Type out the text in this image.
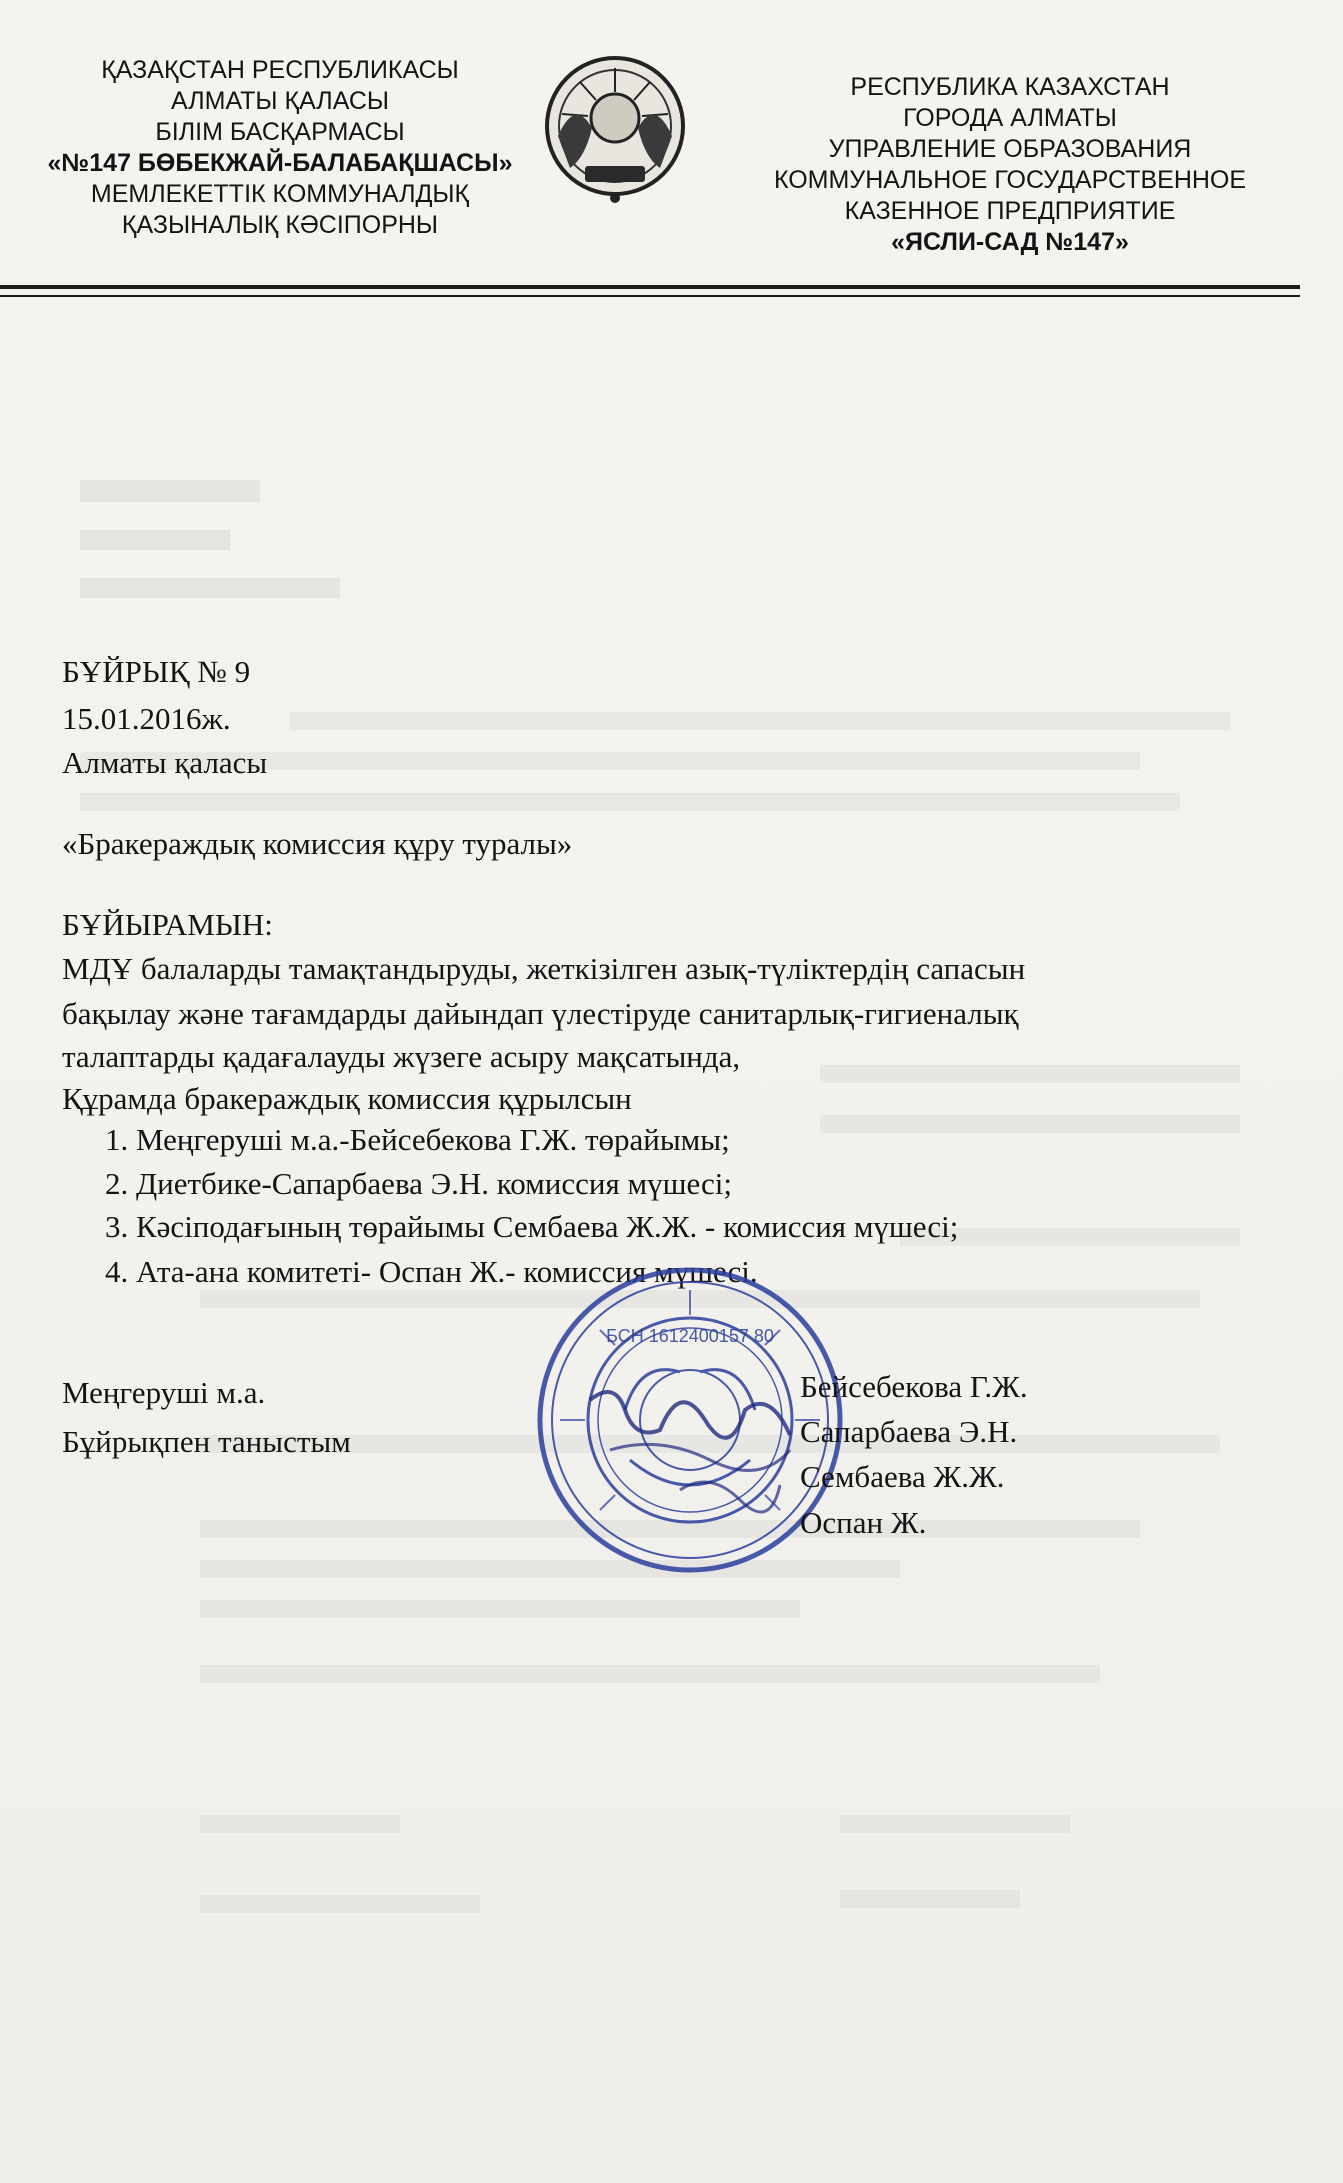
ҚАЗАҚСТАН РЕСПУБЛИКАСЫ
АЛМАТЫ ҚАЛАСЫ
БІЛІМ БАСҚАРМАСЫ
«№147 БӨБЕКЖАЙ-БАЛАБАҚШАСЫ»
МЕМЛЕКЕТТІК КОММУНАЛДЫҚ
ҚАЗЫНАЛЫҚ КӘСІПОРНЫ
РЕСПУБЛИКА КАЗАХСТАН
ГОРОДА АЛМАТЫ
УПРАВЛЕНИЕ ОБРАЗОВАНИЯ
КОММУНАЛЬНОЕ ГОСУДАРСТВЕННОЕ
КАЗЕННОЕ ПРЕДПРИЯТИЕ
«ЯСЛИ-САД №147»
БҰЙРЫҚ № 9
15.01.2016ж.
Алматы қаласы
«Бракераждық комиссия құру туралы»
БҰЙЫРАМЫН:
МДҰ балаларды тамақтандыруды, жеткізілген азық-түліктердің сапасын
бақылау және тағамдарды дайындап үлестіруде санитарлық-гигиеналық
талаптарды қадағалауды жүзеге асыру мақсатында,
Құрамда бракераждық комиссия құрылсын
1. Меңгеруші м.а.-Бейсебекова Г.Ж. төрайымы;
2. Диетбике-Сапарбаева Э.Н. комиссия мүшесі;
3. Кәсіподағының төрайымы Сембаева Ж.Ж. - комиссия мүшесі;
4. Ата-ана комитеті- Оспан Ж.- комиссия мүшесі.
БСН 1612400157 80
Меңгеруші м.а.
Бұйрықпен таныстым
Бейсебекова Г.Ж.
Сапарбаева Э.Н.
Сембаева Ж.Ж.
Оспан Ж.
